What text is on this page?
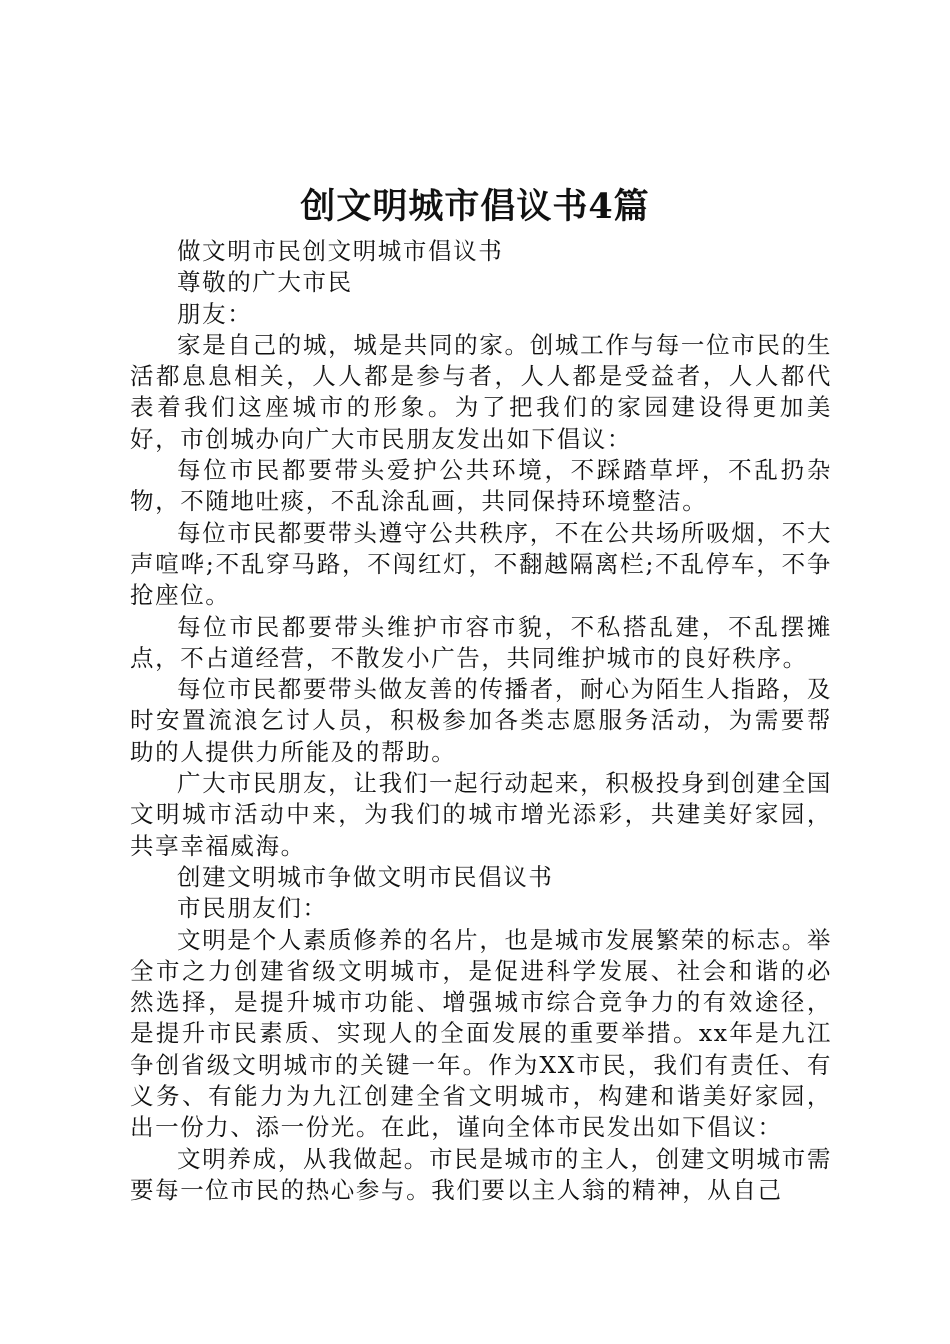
创文明城市倡议书4篇

做文明市民创文明城市倡议书

尊敬的广大市民

朋友：

家是自己的城，城是共同的家。创城工作与每一位市民的生活都息息相关，人人都是参与者，人人都是受益者，人人都代表着我们这座城市的形象。为了把我们的家园建设得更加美好，市创城办向广大市民朋友发出如下倡议：

每位市民都要带头爱护公共环境，不踩踏草坪，不乱扔杂物，不随地吐痰，不乱涂乱画，共同保持环境整洁。

每位市民都要带头遵守公共秩序，不在公共场所吸烟，不大声喧哗;不乱穿马路，不闯红灯，不翻越隔离栏;不乱停车，不争抢座位。

每位市民都要带头维护市容市貌，不私搭乱建，不乱摆摊点，不占道经营，不散发小广告，共同维护城市的良好秩序。

每位市民都要带头做友善的传播者，耐心为陌生人指路，及时安置流浪乞讨人员，积极参加各类志愿服务活动，为需要帮助的人提供力所能及的帮助。

广大市民朋友，让我们一起行动起来，积极投身到创建全国文明城市活动中来，为我们的城市增光添彩，共建美好家园，共享幸福威海。

创建文明城市争做文明市民倡议书

市民朋友们：

文明是个人素质修养的名片，也是城市发展繁荣的标志。举全市之力创建省级文明城市，是促进科学发展、社会和谐的必然选择，是提升城市功能、增强城市综合竞争力的有效途径，是提升市民素质、实现人的全面发展的重要举措。xx年是九江争创省级文明城市的关键一年。作为XX市民，我们有责任、有义务、有能力为九江创建全省文明城市，构建和谐美好家园，出一份力、添一份光。在此，谨向全体市民发出如下倡议：

文明养成，从我做起。市民是城市的主人，创建文明城市需要每一位市民的热心参与。我们要以主人翁的精神，从自己
